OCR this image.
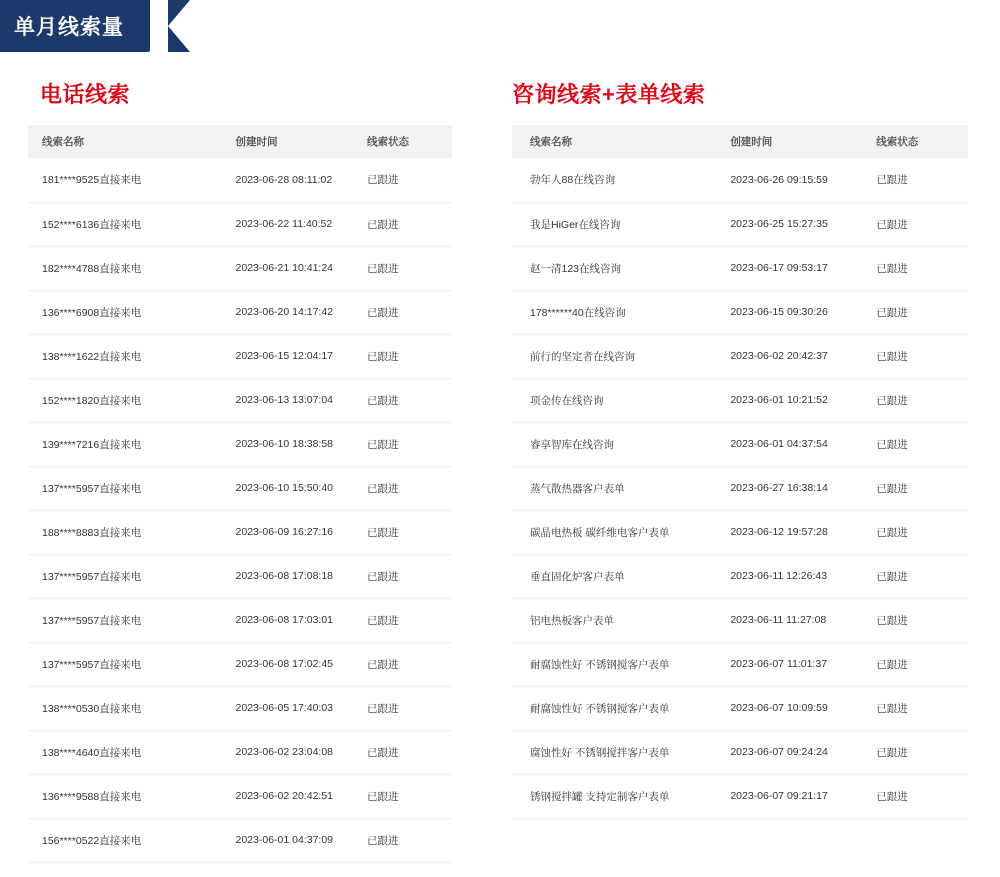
单月线索量
电话线索
线索名称	创建时间	线索状态
181****9525直接来电	2023-06-28 08:11:02	已跟进
152****6136直接来电	2023-06-22 11:40:52	已跟进
182****4788直接来电	2023-06-21 10:41:24	已跟进
136****6908直接来电	2023-06-20 14:17:42	已跟进
138****1622直接来电	2023-06-15 12:04:17	已跟进
152****1820直接来电	2023-06-13 13:07:04	已跟进
139****7216直接来电	2023-06-10 18:38:58	已跟进
137****5957直接来电	2023-06-10 15:50:40	已跟进
188****8883直接来电	2023-06-09 16:27:16	已跟进
137****5957直接来电	2023-06-08 17:08:18	已跟进
137****5957直接来电	2023-06-08 17:03:01	已跟进
137****5957直接来电	2023-06-08 17:02:45	已跟进
138****0530直接来电	2023-06-05 17:40:03	已跟进
138****4640直接来电	2023-06-02 23:04:08	已跟进
136****9588直接来电	2023-06-02 20:42:51	已跟进
156****0522直接来电	2023-06-01 04:37:09	已跟进
咨询线索+表单线索
线索名称	创建时间	线索状态
勃年人88在线咨询	2023-06-26 09:15:59	已跟进
我是HiGer在线咨询	2023-06-25 15:27:35	已跟进
赵一清123在线咨询	2023-06-17 09:53:17	已跟进
178******40在线咨询	2023-06-15 09:30:26	已跟进
前行的坚定者在线咨询	2023-06-02 20:42:37	已跟进
项金传在线咨询	2023-06-01 10:21:52	已跟进
睿享智库在线咨询	2023-06-01 04:37:54	已跟进
蒸气散热器客户表单	2023-06-27 16:38:14	已跟进
碳晶电热板 碳纤维电客户表单	2023-06-12 19:57:28	已跟进
垂直固化炉客户表单	2023-06-11 12:26:43	已跟进
铝电热板客户表单	2023-06-11 11:27:08	已跟进
耐腐蚀性好 不锈钢搅客户表单	2023-06-07 11:01:37	已跟进
耐腐蚀性好 不锈钢搅客户表单	2023-06-07 10:09:59	已跟进
腐蚀性好 不锈钢搅拌客户表单	2023-06-07 09:24:24	已跟进
锈钢搅拌罐 支持定制客户表单	2023-06-07 09:21:17	已跟进
